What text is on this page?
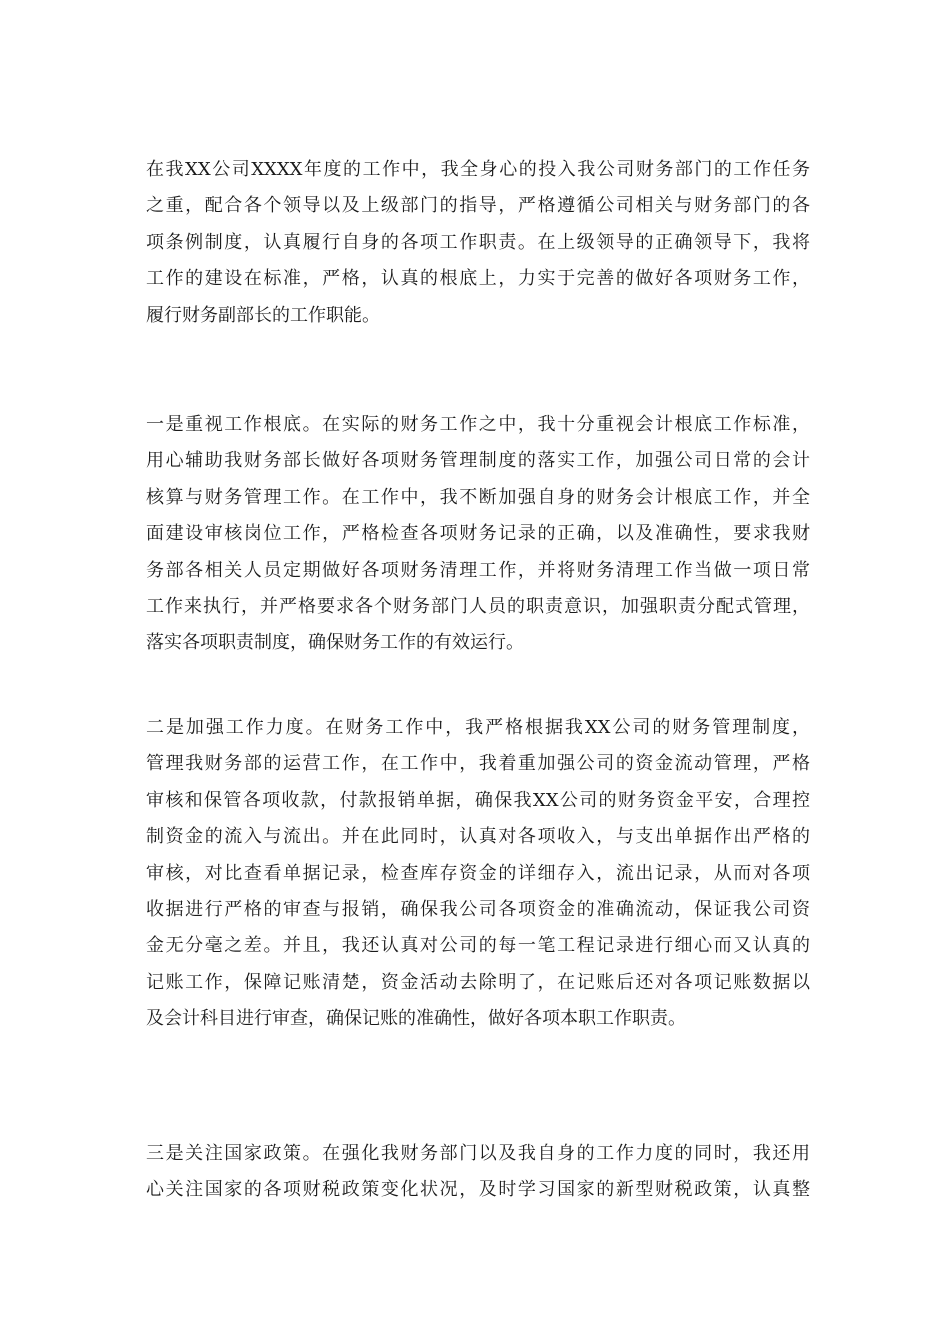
在我XX公司XXXX年度的工作中，我全身心的投入我公司财务部门的工作任务
之重，配合各个领导以及上级部门的指导，严格遵循公司相关与财务部门的各
项条例制度，认真履行自身的各项工作职责。在上级领导的正确领导下，我将
工作的建设在标准，严格，认真的根底上，力实于完善的做好各项财务工作，
履行财务副部长的工作职能。

一是重视工作根底。在实际的财务工作之中，我十分重视会计根底工作标准，
用心辅助我财务部长做好各项财务管理制度的落实工作，加强公司日常的会计
核算与财务管理工作。在工作中，我不断加强自身的财务会计根底工作，并全
面建设审核岗位工作，严格检查各项财务记录的正确，以及准确性，要求我财
务部各相关人员定期做好各项财务清理工作，并将财务清理工作当做一项日常
工作来执行，并严格要求各个财务部门人员的职责意识，加强职责分配式管理，
落实各项职责制度，确保财务工作的有效运行。

二是加强工作力度。在财务工作中，我严格根据我XX公司的财务管理制度，
管理我财务部的运营工作，在工作中，我着重加强公司的资金流动管理，严格
审核和保管各项收款，付款报销单据，确保我XX公司的财务资金平安，合理控
制资金的流入与流出。并在此同时，认真对各项收入，与支出单据作出严格的
审核，对比查看单据记录，检查库存资金的详细存入，流出记录，从而对各项
收据进行严格的审查与报销，确保我公司各项资金的准确流动，保证我公司资
金无分毫之差。并且，我还认真对公司的每一笔工程记录进行细心而又认真的
记账工作，保障记账清楚，资金活动去除明了，在记账后还对各项记账数据以
及会计科目进行审查，确保记账的准确性，做好各项本职工作职责。

三是关注国家政策。在强化我财务部门以及我自身的工作力度的同时，我还用
心关注国家的各项财税政策变化状况，及时学习国家的新型财税政策，认真整
